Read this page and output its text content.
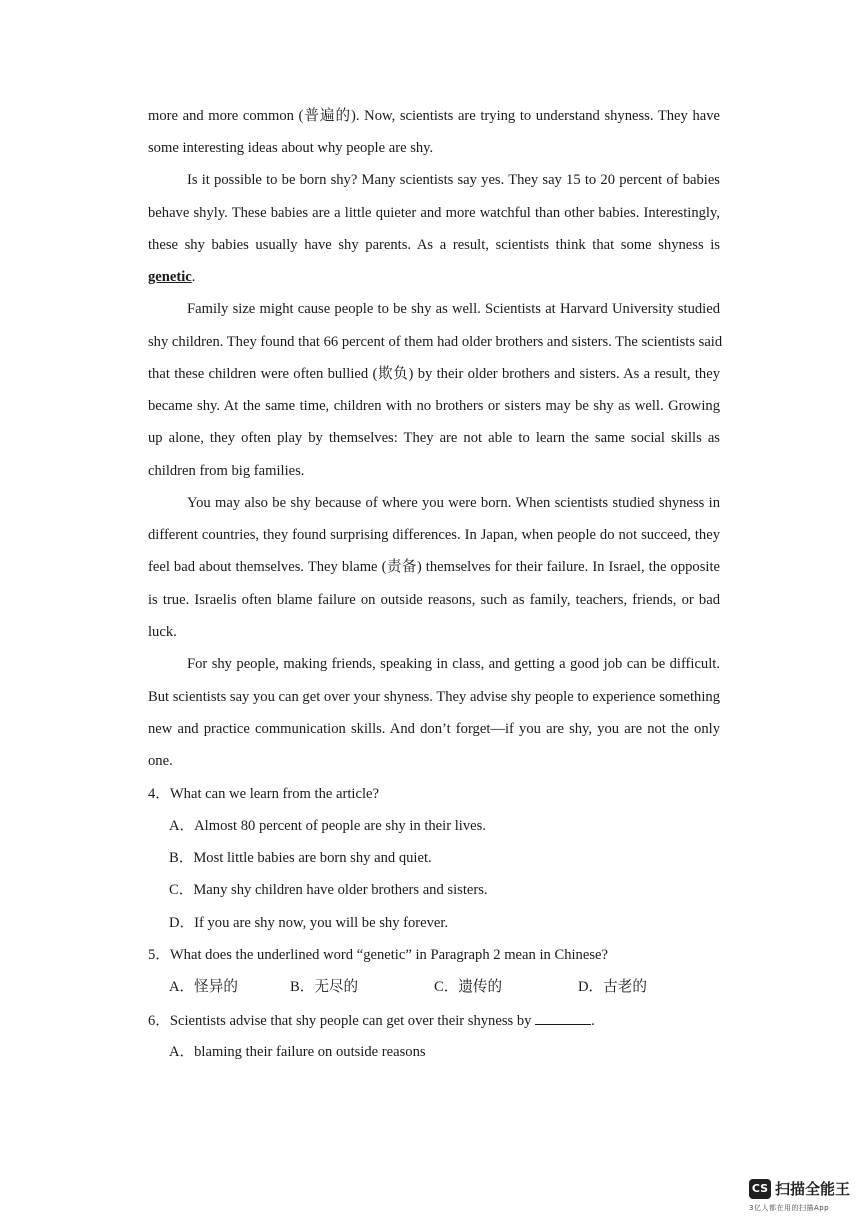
more and more common (普遍的). Now, scientists are trying to understand shyness. They have
some interesting ideas about why people are shy.
Is it possible to be born shy? Many scientists say yes. They say 15 to 20 percent of babies
behave shyly. These babies are a little quieter and more watchful than other babies. Interestingly,
these shy babies usually have shy parents. As a result, scientists think that some shyness is
genetic.
Family size might cause people to be shy as well. Scientists at Harvard University studied
shy children. They found that 66 percent of them had older brothers and sisters. The scientists said
that these children were often bullied (欺负) by their older brothers and sisters. As a result, they
became shy. At the same time, children with no brothers or sisters may be shy as well. Growing
up alone, they often play by themselves: They are not able to learn the same social skills as
children from big families.
You may also be shy because of where you were born. When scientists studied shyness in
different countries, they found surprising differences. In Japan, when people do not succeed, they
feel bad about themselves. They blame (责备) themselves for their failure. In Israel, the opposite
is true. Israelis often blame failure on outside reasons, such as family, teachers, friends, or bad
luck.
For shy people, making friends, speaking in class, and getting a good job can be difficult.
But scientists say you can get over your shyness. They advise shy people to experience something
new and practice communication skills. And don’t forget—if you are shy, you are not the only
one.
4．What can we learn from the article?
A．Almost 80 percent of people are shy in their lives.
B．Most little babies are born shy and quiet.
C．Many shy children have older brothers and sisters.
D．If you are shy now, you will be shy forever.
5．What does the underlined word “genetic” in Paragraph 2 mean in Chinese?
A．怪异的	B．无尽的	C．遗传的	D．古老的
6．Scientists advise that shy people can get over their shyness by	.
A．blaming their failure on outside reasons
CS 扫描全能王
3亿人都在用的扫描App
